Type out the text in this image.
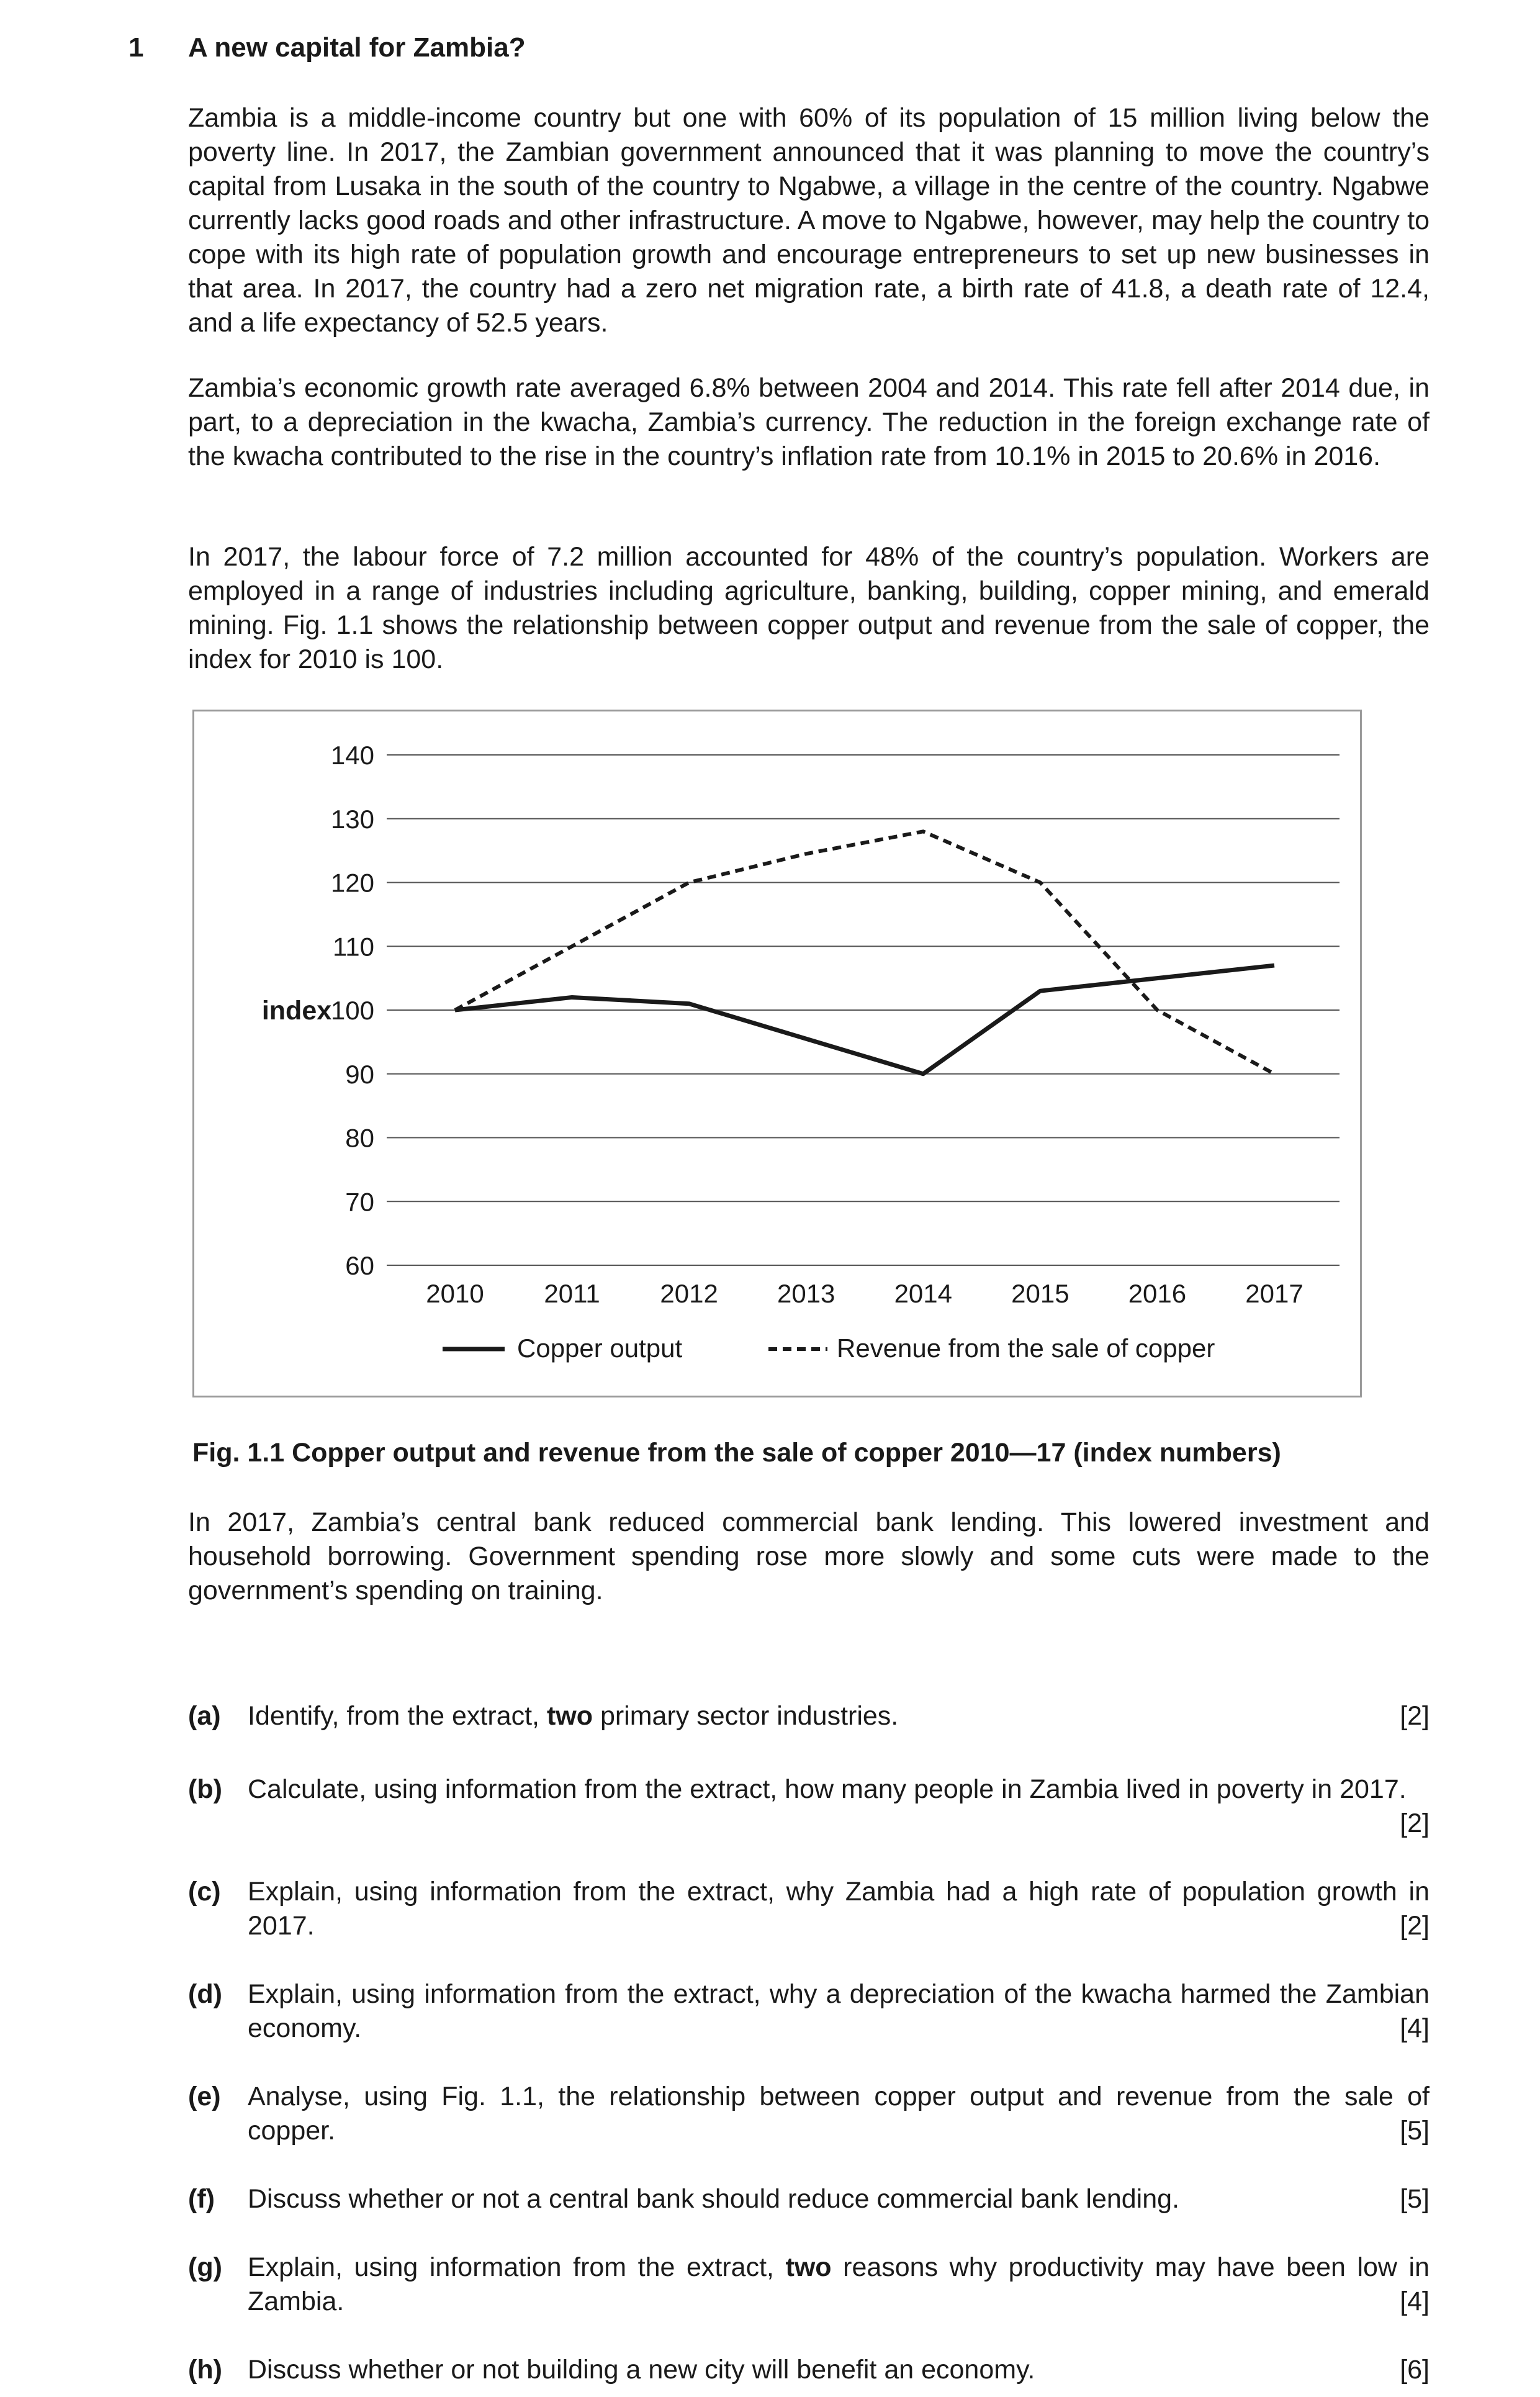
1 A new capital for Zambia?

Zambia is a middle-income country but one with 60% of its population of 15 million living below the poverty line. In 2017, the Zambian government announced that it was planning to move the country’s capital from Lusaka in the south of the country to Ngabwe, a village in the centre of the country. Ngabwe currently lacks good roads and other infrastructure. A move to Ngabwe, however, may help the country to cope with its high rate of population growth and encourage entrepreneurs to set up new businesses in that area. In 2017, the country had a zero net migration rate, a birth rate of 41.8, a death rate of 12.4, and a life expectancy of 52.5 years.

Zambia’s economic growth rate averaged 6.8% between 2004 and 2014. This rate fell after 2014 due, in part, to a depreciation in the kwacha, Zambia’s currency. The reduction in the foreign exchange rate of the kwacha contributed to the rise in the country’s inflation rate from 10.1% in 2015 to 20.6% in 2016.

In 2017, the labour force of 7.2 million accounted for 48% of the country’s population. Workers are employed in a range of industries including agriculture, banking, building, copper mining, and emerald mining. Fig. 1.1 shows the relationship between copper output and revenue from the sale of copper, the index for 2010 is 100.

60
70
80
90
100
110
120
130
140
index
2010 2011 2012 2013 2014 2015 2016 2017
Copper output	Revenue from the sale of copper
Fig. 1.1 Copper output and revenue from the sale of copper 2010—17 (index numbers)

In 2017, Zambia’s central bank reduced commercial bank lending. This lowered investment and household borrowing. Government spending rose more slowly and some cuts were made to the government’s spending on training.

(a) Identify, from the extract, two primary sector industries.	[2]
(b) Calculate, using information from the extract, how many people in Zambia lived in poverty in 2017.
[2]
(c) Explain, using information from the extract, why Zambia had a high rate of population growth in 2017.	[2]
(d) Explain, using information from the extract, why a depreciation of the kwacha harmed the Zambian economy.	[4]
(e) Analyse, using Fig. 1.1, the relationship between copper output and revenue from the sale of copper.	[5]
(f) Discuss whether or not a central bank should reduce commercial bank lending.	[5]
(g) Explain, using information from the extract, two reasons why productivity may have been low in Zambia.	[4]
(h) Discuss whether or not building a new city will benefit an economy.	[6]
